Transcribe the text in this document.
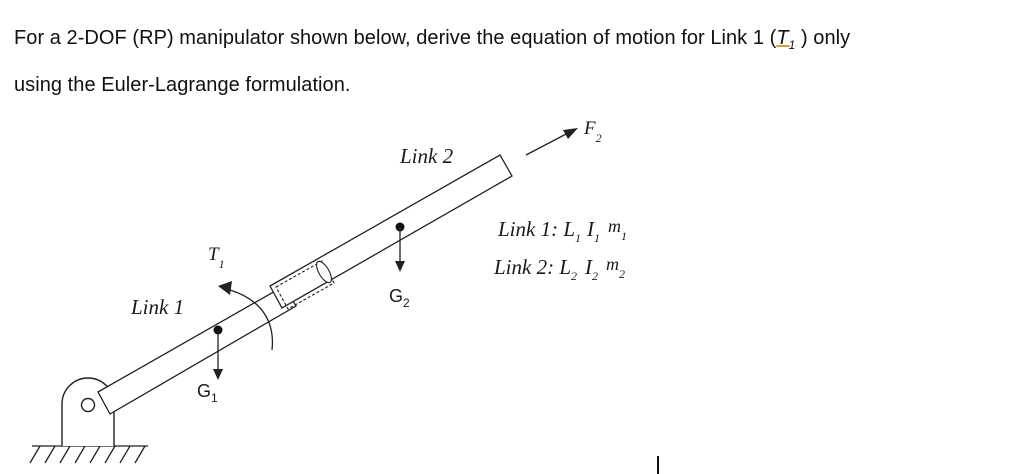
For a 2-DOF (RP) manipulator shown below, derive the equation of motion for Link 1 ($T_1$ ) only
using the Euler-Lagrange formulation.
Link 2
Link 1
$T_1$
$F_2$
$G_1$
$G_2$
Link 1: $L_1$ $I_1m_1$
Link 2: $L_2$ $I_2m_2$
